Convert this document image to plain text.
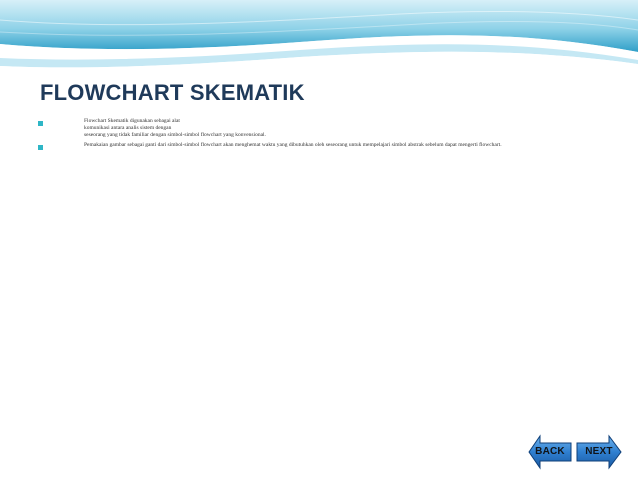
FLOWCHART SKEMATIK
Flowchart Skematik digunakan sebagai alat
komunikasi antara analis sistem dengan
seseorang yang tidak familiar dengan simbol-simbol flowchart yang konvensional.
Pemakaian gambar sebagai ganti dari simbol-simbol flowchart akan menghemat waktu yang dibutuhkan oleh seseorang untuk mempelajari simbol abstrak sebelum dapat mengerti flowchart.
BACK	NEXT
